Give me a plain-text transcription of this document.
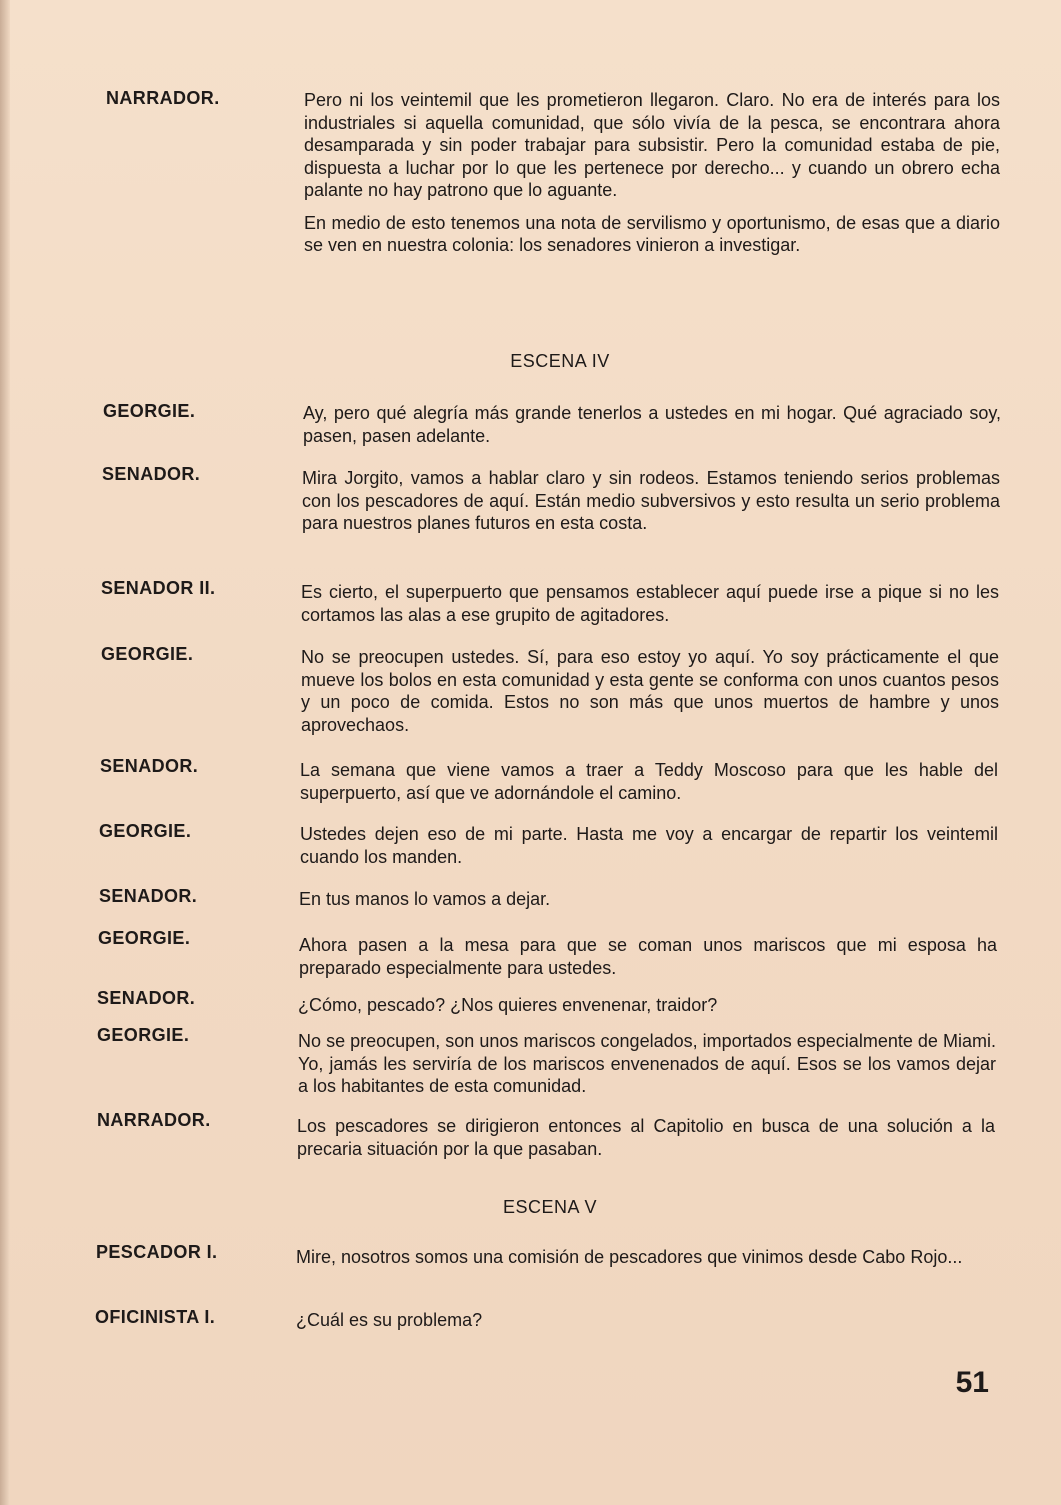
NARRADOR.	Pero ni los veintemil que les prometieron llegaron. Claro. No era de interés para los industriales si aquella comunidad, que sólo vivía de la pesca, se encontrara ahora desamparada y sin poder trabajar para subsistir. Pero la comunidad estaba de pie, dispuesta a luchar por lo que les pertenece por derecho... y cuando un obrero echa palante no hay patrono que lo aguante.
En medio de esto tenemos una nota de servilismo y oportunismo, de esas que a diario se ven en nuestra colonia: los senadores vinieron a investigar.
ESCENA IV
GEORGIE.	Ay, pero qué alegría más grande tenerlos a ustedes en mi hogar. Qué agraciado soy, pasen, pasen adelante.
SENADOR.	Mira Jorgito, vamos a hablar claro y sin rodeos. Estamos teniendo serios problemas con los pescadores de aquí. Están medio subversivos y esto resulta un serio problema para nuestros planes futuros en esta costa.
SENADOR II.	Es cierto, el superpuerto que pensamos establecer aquí puede irse a pique si no les cortamos las alas a ese grupito de agitadores.
GEORGIE.	No se preocupen ustedes. Sí, para eso estoy yo aquí. Yo soy prácticamente el que mueve los bolos en esta comunidad y esta gente se conforma con unos cuantos pesos y un poco de comida. Estos no son más que unos muertos de hambre y unos aprovechaos.
SENADOR.	La semana que viene vamos a traer a Teddy Moscoso para que les hable del superpuerto, así que ve adornándole el camino.
GEORGIE.	Ustedes dejen eso de mi parte. Hasta me voy a encargar de repartir los veintemil cuando los manden.
SENADOR.	En tus manos lo vamos a dejar.
GEORGIE.	Ahora pasen a la mesa para que se coman unos mariscos que mi esposa ha preparado especialmente para ustedes.
SENADOR.	¿Cómo, pescado? ¿Nos quieres envenenar, traidor?
GEORGIE.	No se preocupen, son unos mariscos congelados, importados especialmente de Miami. Yo, jamás les serviría de los mariscos envenenados de aquí. Esos se los vamos dejar a los habitantes de esta comunidad.
NARRADOR.	Los pescadores se dirigieron entonces al Capitolio en busca de una solución a la precaria situación por la que pasaban.
ESCENA V
PESCADOR I.	Mire, nosotros somos una comisión de pescadores que vinimos desde Cabo Rojo...
OFICINISTA I.	¿Cuál es su problema?
51
